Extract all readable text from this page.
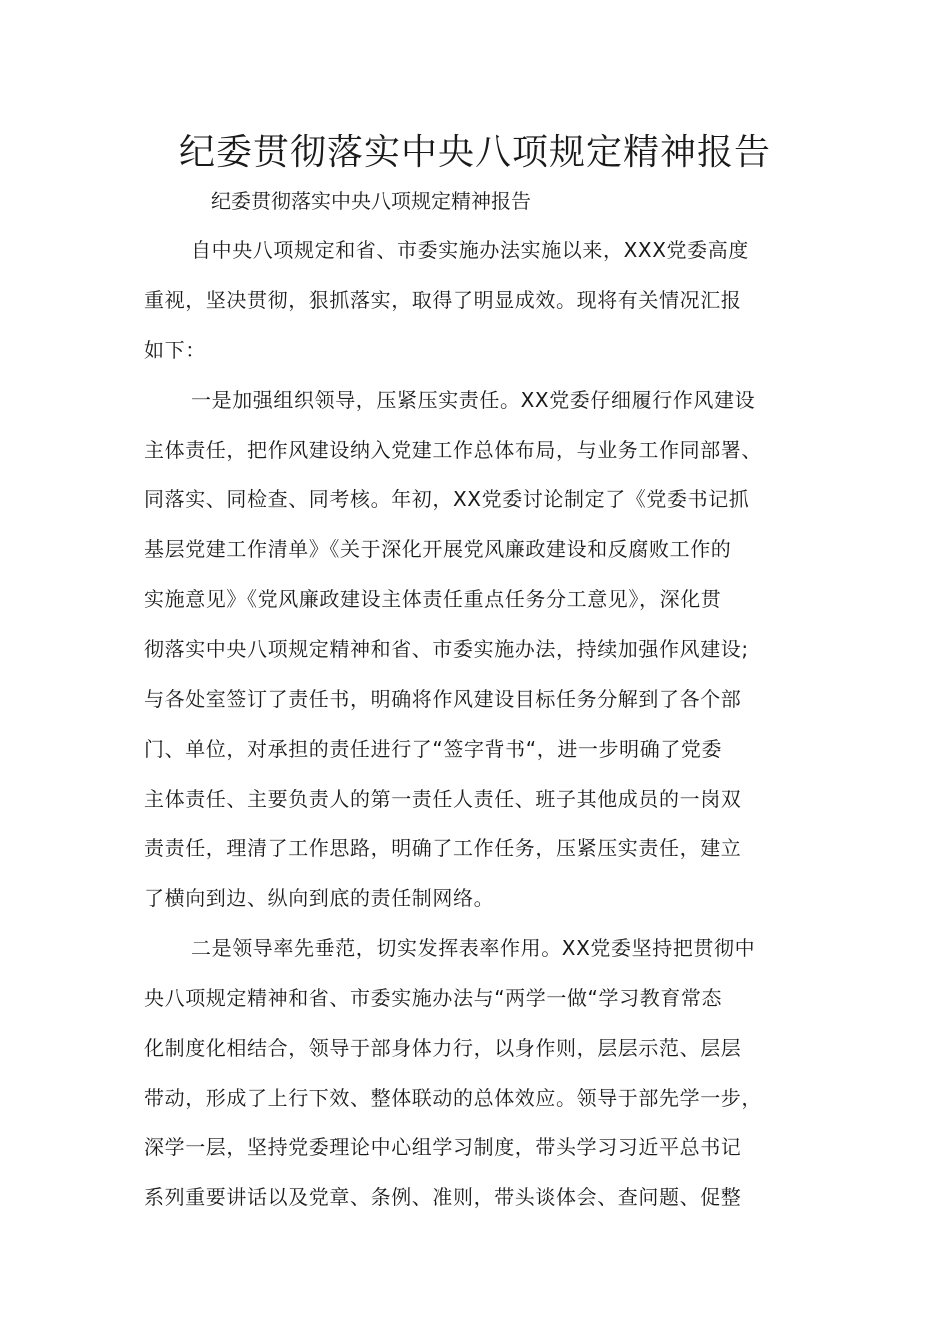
纪委贯彻落实中央八项规定精神报告

纪委贯彻落实中央八项规定精神报告

自中央八项规定和省、市委实施办法实施以来，XXX党委高度

重视，坚决贯彻，狠抓落实，取得了明显成效。现将有关情况汇报

如下：

一是加强组织领导，压紧压实责任。XX党委仔细履行作风建设

主体责任，把作风建设纳入党建工作总体布局，与业务工作同部署、

同落实、同检查、同考核。年初，XX党委讨论制定了《党委书记抓

基层党建工作清单》《关于深化开展党风廉政建设和反腐败工作的

实施意见》《党风廉政建设主体责任重点任务分工意见》，深化贯

彻落实中央八项规定精神和省、市委实施办法，持续加强作风建设;

与各处室签订了责任书，明确将作风建设目标任务分解到了各个部

门、单位，对承担的责任进行了“签字背书“，进一步明确了党委

主体责任、主要负责人的第一责任人责任、班子其他成员的一岗双

责责任，理清了工作思路，明确了工作任务，压紧压实责任，建立

了横向到边、纵向到底的责任制网络。

二是领导率先垂范，切实发挥表率作用。XX党委坚持把贯彻中

央八项规定精神和省、市委实施办法与“两学一做“学习教育常态

化制度化相结合，领导于部身体力行，以身作则，层层示范、层层

带动，形成了上行下效、整体联动的总体效应。领导于部先学一步，

深学一层，坚持党委理论中心组学习制度，带头学习习近平总书记

系列重要讲话以及党章、条例、准则，带头谈体会、查问题、促整
